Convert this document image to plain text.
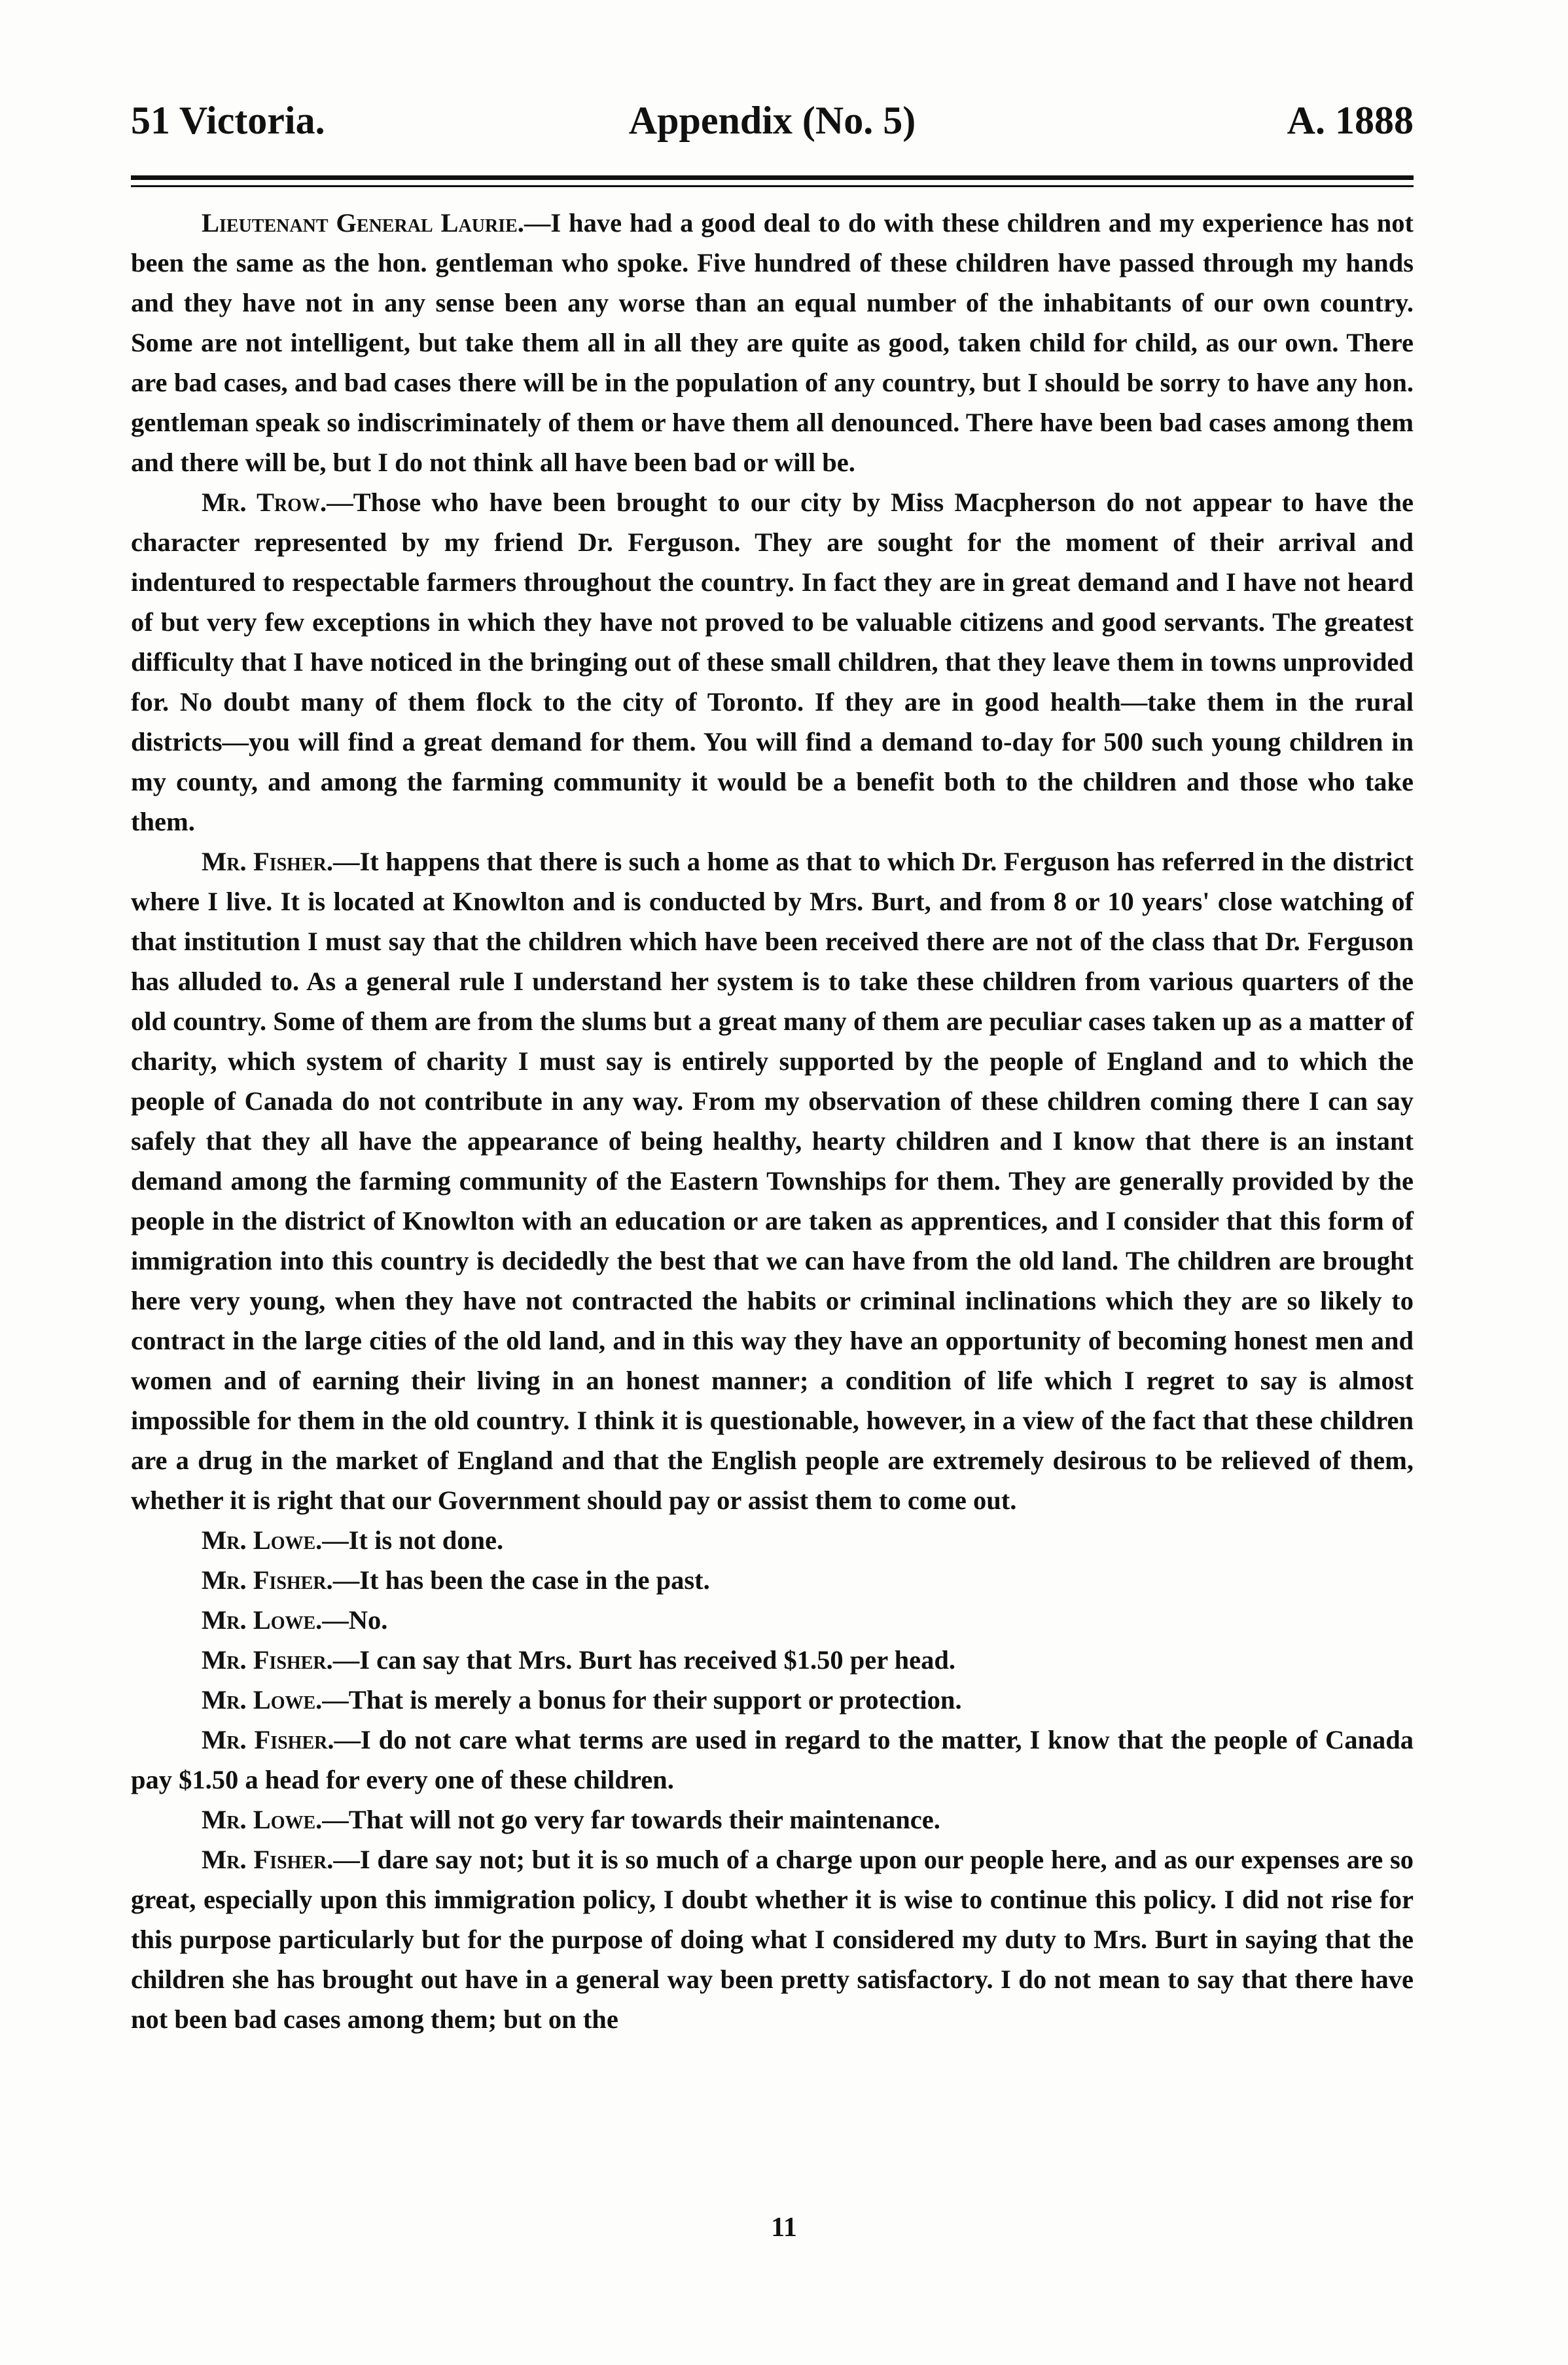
51 Victoria.	Appendix (No. 5)	A. 1888

Lieutenant General Laurie.—I have had a good deal to do with these children and my experience has not been the same as the hon. gentleman who spoke. Five hundred of these children have passed through my hands and they have not in any sense been any worse than an equal number of the inhabitants of our own country. Some are not intelligent, but take them all in all they are quite as good, taken child for child, as our own. There are bad cases, and bad cases there will be in the population of any country, but I should be sorry to have any hon. gentleman speak so indiscriminately of them or have them all denounced. There have been bad cases among them and there will be, but I do not think all have been bad or will be.

Mr. Trow.—Those who have been brought to our city by Miss Macpherson do not appear to have the character represented by my friend Dr. Ferguson. They are sought for the moment of their arrival and indentured to respectable farmers throughout the country. In fact they are in great demand and I have not heard of but very few exceptions in which they have not proved to be valuable citizens and good servants. The greatest difficulty that I have noticed in the bringing out of these small children, that they leave them in towns unprovided for. No doubt many of them flock to the city of Toronto. If they are in good health—take them in the rural districts—you will find a great demand for them. You will find a demand to-day for 500 such young children in my county, and among the farming community it would be a benefit both to the children and those who take them.

Mr. Fisher.—It happens that there is such a home as that to which Dr. Ferguson has referred in the district where I live. It is located at Knowlton and is conducted by Mrs. Burt, and from 8 or 10 years' close watching of that institution I must say that the children which have been received there are not of the class that Dr. Ferguson has alluded to. As a general rule I understand her system is to take these children from various quarters of the old country. Some of them are from the slums but a great many of them are peculiar cases taken up as a matter of charity, which system of charity I must say is entirely supported by the people of England and to which the people of Canada do not contribute in any way. From my observation of these children coming there I can say safely that they all have the appearance of being healthy, hearty children and I know that there is an instant demand among the farming community of the Eastern Townships for them. They are generally provided by the people in the district of Knowlton with an education or are taken as apprentices, and I consider that this form of immigration into this country is decidedly the best that we can have from the old land. The children are brought here very young, when they have not contracted the habits or criminal inclinations which they are so likely to contract in the large cities of the old land, and in this way they have an opportunity of becoming honest men and women and of earning their living in an honest manner; a condition of life which I regret to say is almost impossible for them in the old country. I think it is questionable, however, in a view of the fact that these children are a drug in the market of England and that the English people are extremely desirous to be relieved of them, whether it is right that our Government should pay or assist them to come out.

Mr. Lowe.—It is not done.

Mr. Fisher.—It has been the case in the past.

Mr. Lowe.—No.

Mr. Fisher.—I can say that Mrs. Burt has received $1.50 per head.

Mr. Lowe.—That is merely a bonus for their support or protection.

Mr. Fisher.—I do not care what terms are used in regard to the matter, I know that the people of Canada pay $1.50 a head for every one of these children.

Mr. Lowe.—That will not go very far towards their maintenance.

Mr. Fisher.—I dare say not; but it is so much of a charge upon our people here, and as our expenses are so great, especially upon this immigration policy, I doubt whether it is wise to continue this policy. I did not rise for this purpose particularly but for the purpose of doing what I considered my duty to Mrs. Burt in saying that the children she has brought out have in a general way been pretty satisfactory. I do not mean to say that there have not been bad cases among them; but on the

11
